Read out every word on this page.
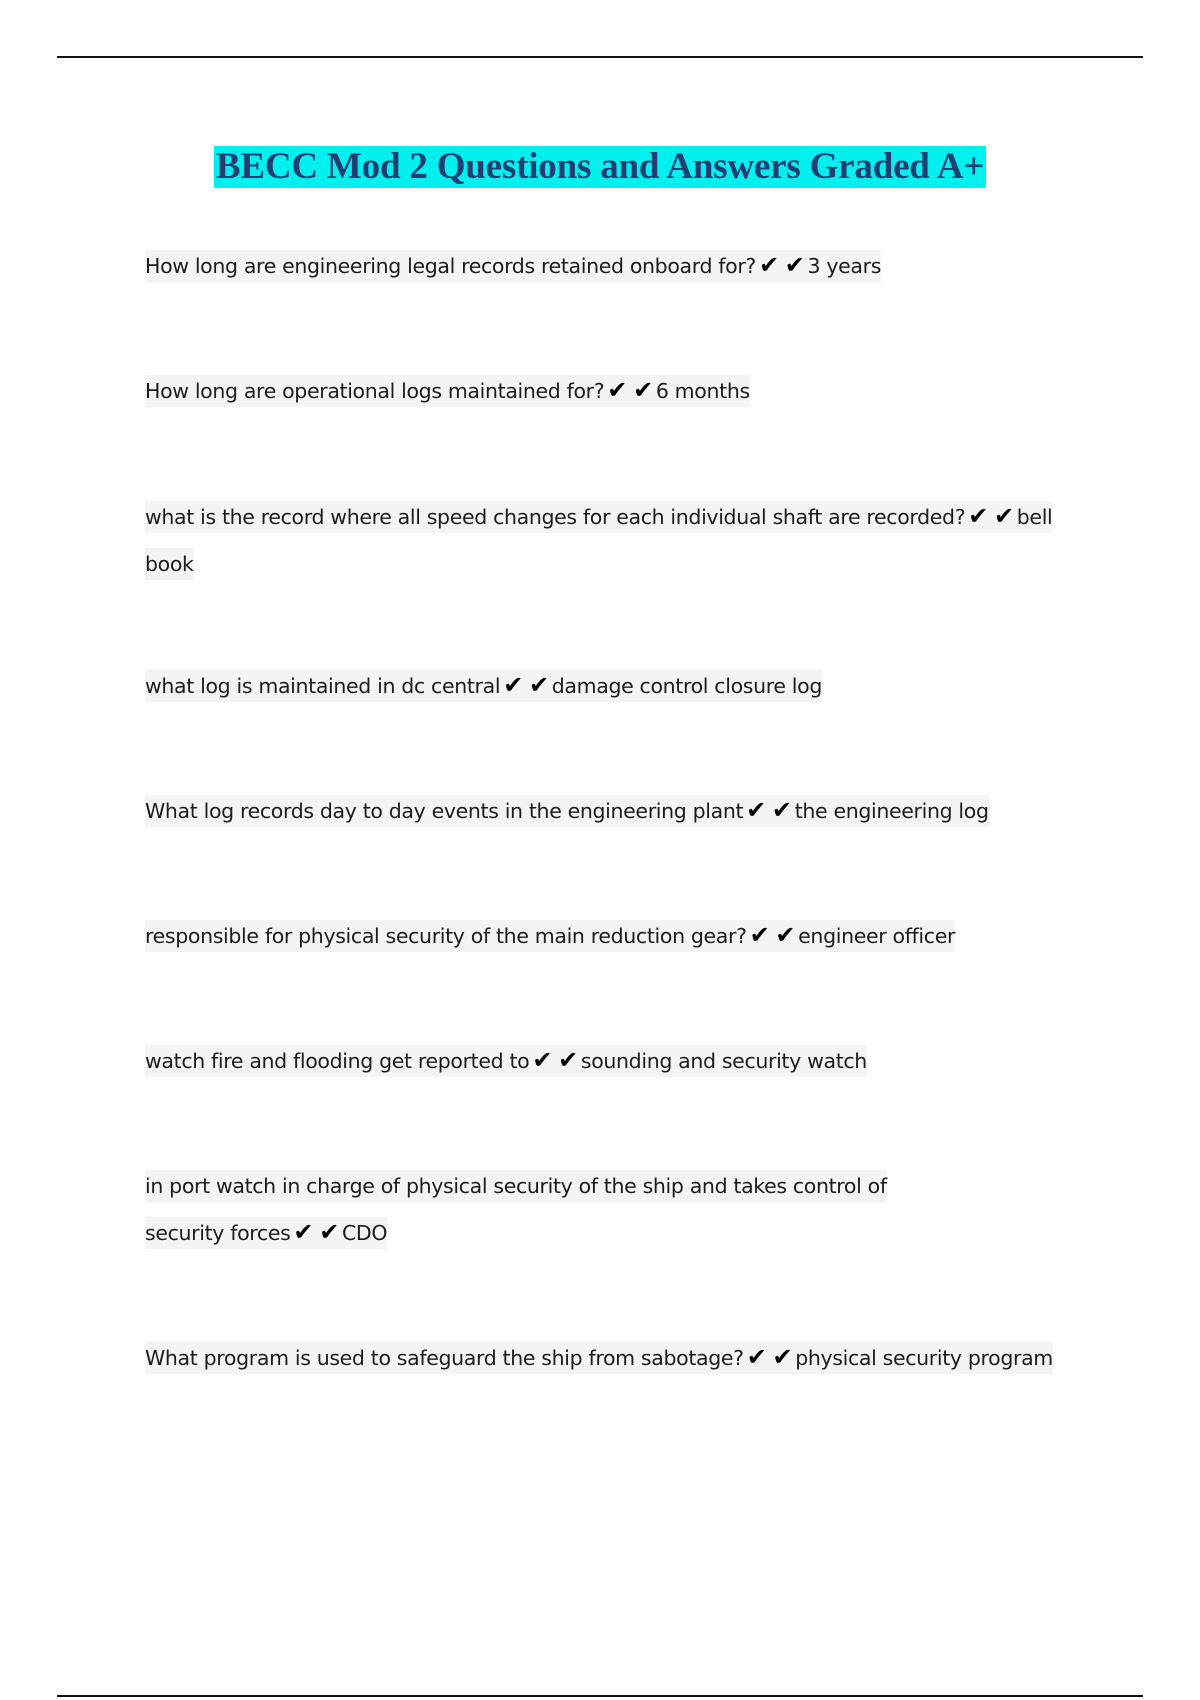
BECC Mod 2 Questions and Answers Graded A+
How long are engineering legal records retained onboard for? ✔ ✔ 3 years
How long are operational logs maintained for? ✔ ✔ 6 months
what is the record where all speed changes for each individual shaft are recorded? ✔ ✔ bell book
what log is maintained in dc central ✔ ✔ damage control closure log
What log records day to day events in the engineering plant ✔ ✔ the engineering log
responsible for physical security of the main reduction gear? ✔ ✔ engineer officer
watch fire and flooding get reported to ✔ ✔ sounding and security watch
in port watch in charge of physical security of the ship and takes control of security forces ✔ ✔ CDO
What program is used to safeguard the ship from sabotage? ✔ ✔ physical security program
